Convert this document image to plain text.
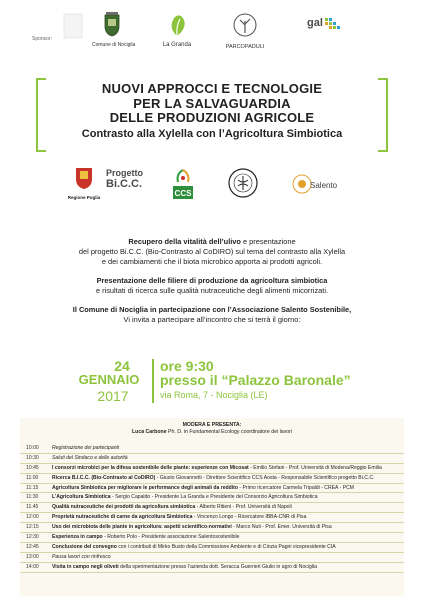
Sponsor:
Comune di Nociglia	La Granda	PARCOPADULI
gal
NUOVI APPROCCI E TECNOLOGIE
PER LA SALVAGUARDIA
DELLE PRODUZIONI AGRICOLE
Contrasto alla Xylella con l’Agricoltura Simbiotica
Regione Puglia
Progetto
Bi.C.C.
CCS
Salento

Recupero della vitalità dell’ulivo e presentazione
del progetto Bi.C.C. (Bio-Contrasto al CoDIRO) sul tema del contrasto alla Xylella
e dei cambiamenti che il biota microbico apporta ai prodotti agricoli.

Presentazione delle filiere di produzione da agricoltura simbiotica
e risultati di ricerca sulle qualità nutraceutiche degli alimenti micorrizati.

Il Comune di Nociglia in partecipazione con l’Associazione Salento Sostenibile,
Vi invita a partecipare all’incontro che si terrà il giorno:

24
GENNAIO
2017
ore 9:30
presso il “Palazzo Baronale”
via Roma, 7 - Nociglia (LE)
MODERA E PRESENTA:
Luca Carbone Ph. D. in Fundamental Ecology coordinatore dei lavori
10:00	Registrazione dei partecipanti
10:30	Saluti del Sindaco e delle autorità
10:45	I consorzi microbici per la difesa sostenibile delle piante: esperienze con Micosat - Emilio Stefani - Prof. Università di Modena/Reggio Emilia
11:00	Ricerca B.I.C.C. (Bio-Contrasto al CoDIRO) - Giusto Giovannetti - Direttore Scientifico CCS Aosta - Responsabile Scientifico progetto Bi.C.C.
11:15	Agricoltura Simbiotica per migliorare le performance degli animali da reddito - Primo ricercatore Carmela Tripaldi - CREA - PCM
11:30	L’Agricoltura Simbiotica - Sergio Capaldo - Presidente La Granda e Presidente del Consorzio Agricoltura Simbiotica
11:45	Qualità nutraceutiche dei prodotti da agricoltura simbiotica - Alberto Ritieni - Prof. Università di Napoli
12:00	Proprietà nutraceutiche di carne da agricoltura Simbiotica - Vincenzo Longo - Ricercatore IBBA-CNR di Pisa
12:15	Uso dei microbiota delle piante in agricoltura: aspetti scientifico-normativi - Marco Nuti - Prof. Emer. Università di Pisa
12:30	Esperienza in campo - Roberto Polo - Presidente associazione Salentosostenibile
12:45	Conclusione del convegno con i contributi di Mirko Busto della Commissione Ambiente e di Cinzia Pagni vicepresidente CIA
13:00	Pausa lavori con rinfresco
14:00	Visita in campo negli oliveti della sperimentazione presso l’azienda dott. Seracca Guerrieri Giulio in agro di Nociglia
